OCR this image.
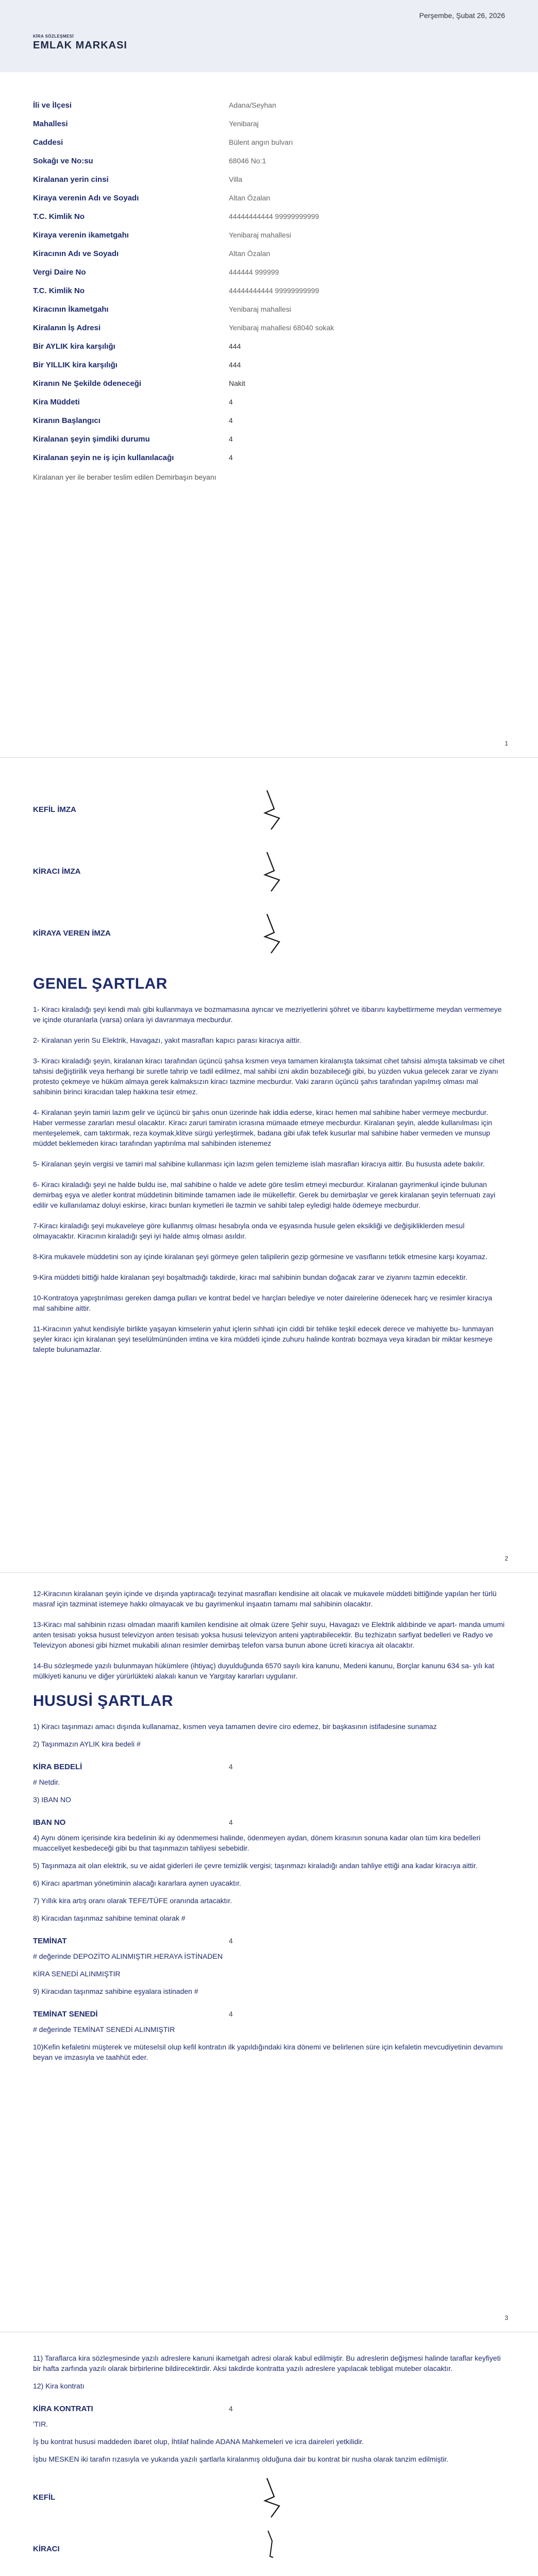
Perşembe, Şubat 26, 2026
KİRA SÖZLEŞMESİ
EMLAK MARKASI
İli ve İlçesi	Adana/Seyhan
Mahallesi	Yenibaraj
Caddesi	Bülent angın bulvarı
Sokağı ve No:su	68046 No:1
Kiralanan yerin cinsi	Villa
Kiraya verenin Adı ve Soyadı	Altan Özalan
T.C. Kimlik No	44444444444 99999999999
Kiraya verenin ikametgahı	Yenibaraj mahallesi
Kiracının Adı ve Soyadı	Altan Özalan
Vergi Daire No	444444 999999
T.C. Kimlik No	44444444444 99999999999
Kiracının İkametgahı	Yenibaraj mahallesi
Kiralanın İş Adresi	Yenibaraj mahallesi 68040 sokak
Bir AYLIK kira karşılığı	444
Bir YILLIK kira karşılığı	444
Kiranın Ne Şekilde ödeneceği	Nakit
Kira Müddeti	4
Kiranın Başlangıcı	4
Kiralanan şeyin şimdiki durumu	4
Kiralanan şeyin ne iş için kullanılacağı	4
Kiralanan yer ile beraber teslim edilen Demirbaşın beyanı
1
KEFİL İMZA
KİRACI İMZA
KİRAYA VEREN İMZA
GENEL ŞARTLAR

1- Kiracı kiraladığı şeyi kendi malı gibi kullanmaya ve bozmamasına ayrıcar ve mezriyetlerini şöhret ve itibarını kaybettirmeme meydan vermemeye ve içinde oturanlarla (varsa) onlara iyi davranmaya mecburdur.

2- Kiralanan yerin Su Elektrik, Havagazı, yakıt masrafları kapıcı parası kiracıya aittir.

3- Kiracı kiraladığı şeyin, kiralanan kiracı tarafından üçüncü şahsa kısmen veya tamamen kiralanışta taksimat cihet tahsisi almışta taksimab ve cihet tahsisi değiştirilik veya herhangi bir suretle tahrip ve tadil edilmez, mal sahibi izni akdin bozabileceği gibi, bu yüzden vukua gelecek zarar ve ziyanı protesto çekmeye ve hüküm almaya gerek kalmaksızın kiracı tazmine mecburdur. Vaki zararın üçüncü şahıs tarafından yapılmış olması mal sahibinin birinci kiracıdan talep hakkına tesir etmez.

4- Kiralanan şeyin tamiri lazım gelir ve üçüncü bir şahıs onun üzerinde hak iddia ederse, kiracı hemen mal sahibine haber vermeye mecburdur. Haber vermesse zararları mesul olacaktır. Kiracı zaruri tamiratın icrasına mümaade etmeye mecburdur. Kiralanan şeyin, aledde kullanılması için menteşelemek, cam taktırmak, reza koymak,klitve sürgü yerleştirmek, badana gibi ufak tefek kusurlar mal sahibine haber vermeden ve munsup müddet beklemeden kiracı tarafından yaptırılma mal sahibinden istenemez

5- Kiralanan şeyin vergisi ve tamiri mal sahibine kullanması için lazım gelen temizleme islah masrafları kiracıya aittir. Bu hususta adete bakılır.

6- Kiracı kiraladığı şeyi ne halde buldu ise, mal sahibine o halde ve adete göre teslim etmeyi mecburdur. Kiralanan gayrimenkul içinde bulunan demirbaş eşya ve aletler kontrat müddetinin bitiminde tamamen iade ile mükelleftir. Gerek bu demirbaşlar ve gerek kiralanan şeyin tefernuatı zayi edilir ve kullanılamaz doluyi eskirse, kiracı bunları kıymetleri ile tazmin ve sahibi talep eyledigi halde ödemeye mecburdur.

7-Kiracı kiraladığı şeyi mukaveleye göre kullanmış olması hesabıyla onda ve eşyasında husule gelen eksikliği ve değişikliklerden mesul olmayacaktır. Kiracının kiraladığı şeyi iyi halde almış olması asıldır.

8-Kira mukavele müddetini son ay içinde kiralanan şeyi görmeye gelen talipilerin gezip görmesine ve vasıflarını tetkik etmesine karşı koyamaz.

9-Kira müddeti bittiği halde kiralanan şeyi boşaltmadığı takdirde, kiracı mal sahibinin bundan doğacak zarar ve ziyanını tazmin edecektir.

10-Kontratoya yapıştırılması gereken damga pulları ve kontrat bedel ve harçları belediye ve noter dairelerine ödenecek harç ve resimler kiracıya mal sahibine aittir.

11-Kiracının yahut kendisiyle birlikte yaşayan kimselerin yahut içlerin sıhhati için ciddi bir tehlike teşkil edecek derece ve mahiyette bu- lunmayan şeyler kiracı için kiralanan şeyi teselülmününden imtina ve kira müddeti içinde zuhuru halinde kontratı bozmaya veya kiradan bir miktar kesmeye talepte bulunamazlar.

2

12-Kiracının kiralanan şeyin içinde ve dışında yaptıracağı tezyinat masrafları kendisine ait olacak ve mukavele müddeti bittiğinde yapılan her türlü masraf için tazminat istemeye hakkı olmayacak ve bu gayrimenkul inşaatın tamamı mal sahibinin olacaktır.

13-Kiracı mal sahibinin rızası olmadan maarifi kamilen kendisine ait olmak üzere Şehir suyu, Havagazı ve Elektrik aldıbinde ve apart- manda umumi anten tesisatı yoksa husust televizyon anten tesisatı yoksa hususi televizyon anteni yaptırabilecektir. Bu tezhizatın sarfiyat bedelleri ve Radyo ve Televizyon abonesi gibi hizmet mukabili alınan resimler demirbaş telefon varsa bunun abone ücreti kiracıya ait olacaktır.

14-Bu sözleşmede yazılı bulunmayan hükümlere (ihtiyaç) duyulduğunda 6570 sayılı kira kanunu, Medeni kanunu, Borçlar kanunu 634 sa- yılı kat mülkiyeti kanunu ve diğer yürürlükteki alakalı kanun ve Yargıtay kararları uygulanır.

HUSUSİ ŞARTLAR

1) Kiracı taşınmazı amacı dışında kullanamaz, kısmen veya tamamen devire ciro edemez, bir başkasının istifadesine sunamaz

2) Taşınmazın AYLIK kira bedeli #

KİRA BEDELİ	4

# Netdir.

3) IBAN NO

IBAN NO	4

4) Aynı dönem içerisinde kira bedelinin iki ay ödenmemesi halinde, ödenmeyen aydan, dönem kirasının sonuna kadar olan tüm kira bedelleri muacceliyet kesbedeceği gibi bu that taşınmazın tahliyesi sebebidir.

5) Taşınmaza ait olan elektrik, su ve aidat giderleri ile çevre temizlik vergisi; taşınmazı kiraladığı andan tahliye ettiği ana kadar kiracıya aittir.

6) Kiracı apartman yönetiminin alacağı kararlara aynen uyacaktır.

7) Yıllık kira artış oranı olarak TEFE/TÜFE oranında artacaktır.

8) Kiracıdan taşınmaz sahibine teminat olarak #

TEMİNAT	4

# değerinde DEPOZİTO ALINMIŞTIR.HERAYA İSTİNADEN

KİRA SENEDİ ALINMIŞTIR

9) Kiracıdan taşınmaz sahibine eşyalara istinaden #

TEMİNAT SENEDİ	4

# değerinde TEMİNAT SENEDİ ALINMIŞTIR

10)Kefin kefaletini müşterek ve müteselsil olup kefil kontratın ilk yapıldığındaki kira dönemi ve belirlenen süre için kefaletin mevcudiyetinin devamını beyan ve imzasıyla ve taahhüt eder.

3

11) Taraflarca kira sözleşmesinde yazılı adreslere kanuni ikametgah adresi olarak kabul edilmiştir. Bu adreslerin değişmesi halinde taraflar keyfiyeti bir hafta zarfında yazılı olarak birbirlerine bildirecektirdir. Aksi takdirde kontratta yazılı adreslere yapılacak tebligat muteber olacaktır.

12) Kira kontratı

KİRA KONTRATI	4

'TIR.

İş bu kontrat hususi maddeden ibaret olup, İhtilaf halinde ADANA Mahkemeleri ve icra daireleri yetkilidir.

İşbu MESKEN iki tarafın rızasıyla ve yukarıda yazılı şartlarla kiralanmış olduğuna dair bu kontrat bir nusha olarak tanzim edilmiştir.

KEFİL
KİRACI
